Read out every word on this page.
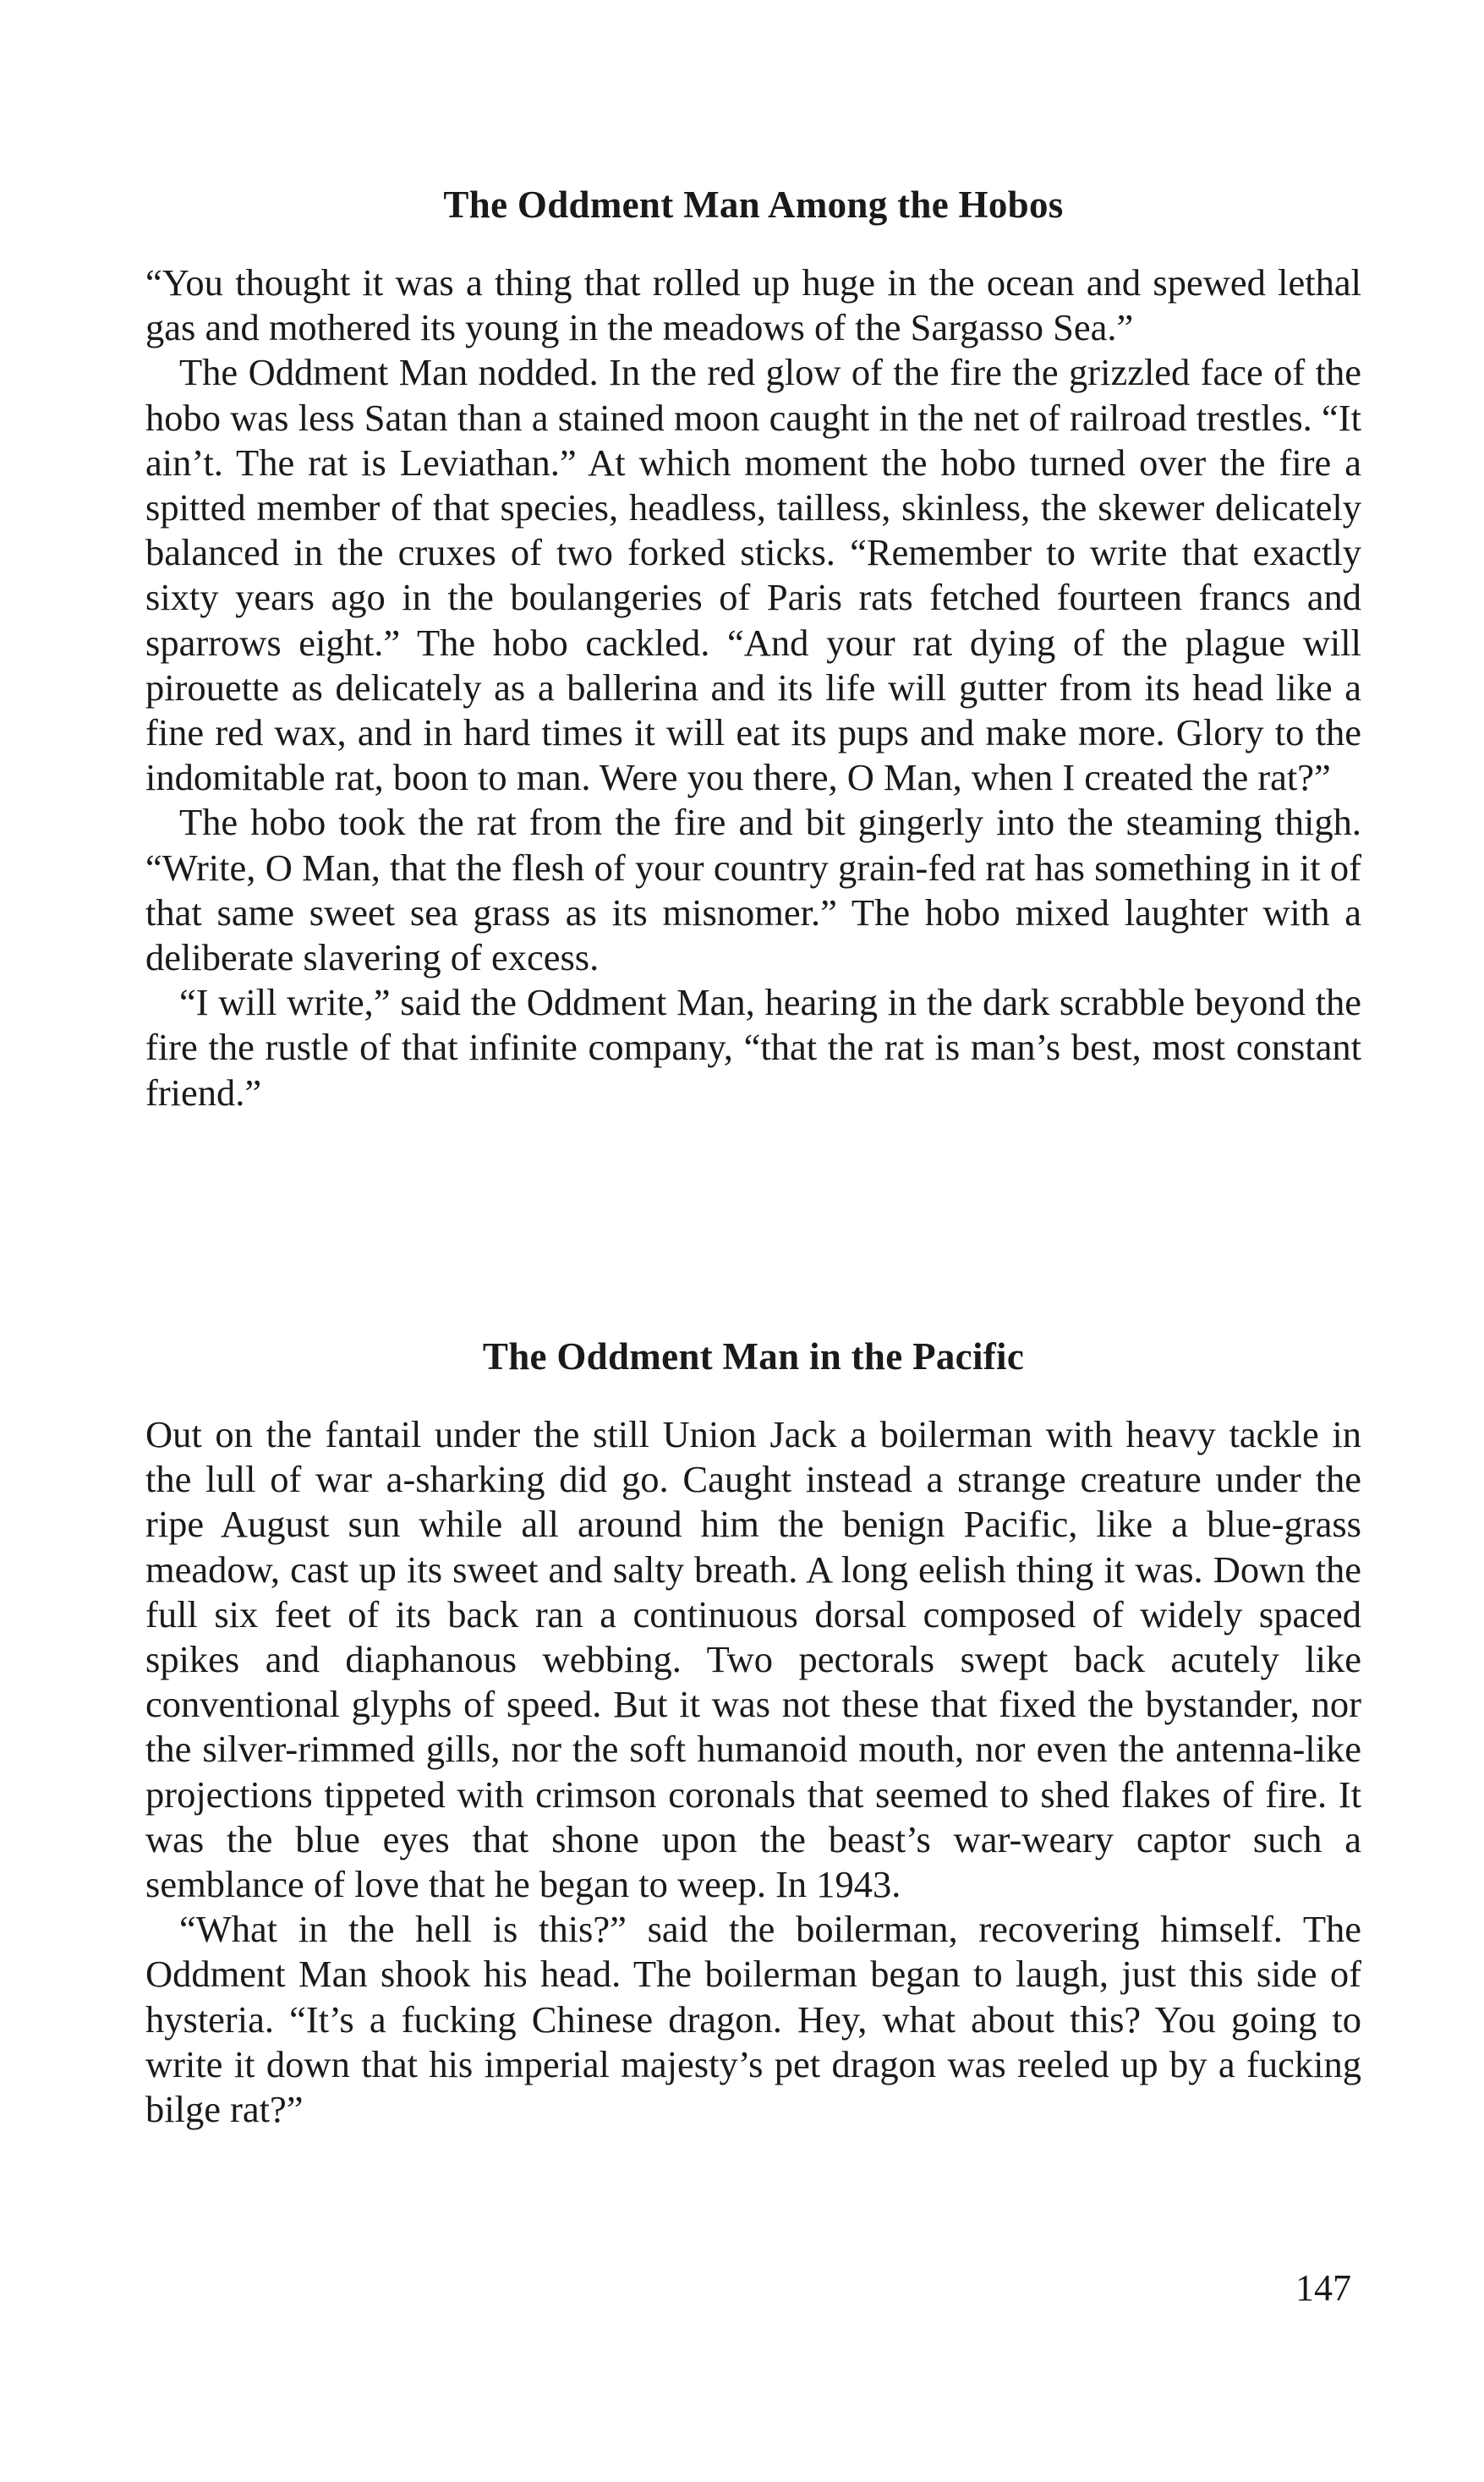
The Oddment Man Among the Hobos

“You thought it was a thing that rolled up huge in the ocean and spewed lethal gas and mothered its young in the meadows of the Sargasso Sea.”

The Oddment Man nodded. In the red glow of the fire the grizzled face of the hobo was less Satan than a stained moon caught in the net of railroad trestles. “It ain’t. The rat is Leviathan.” At which moment the hobo turned over the fire a spitted member of that species, headless, tailless, skinless, the skewer delicately balanced in the cruxes of two forked sticks. “Remember to write that exactly sixty years ago in the boulangeries of Paris rats fetched fourteen francs and sparrows eight.” The hobo cackled. “And your rat dying of the plague will pirouette as delicately as a ballerina and its life will gutter from its head like a fine red wax, and in hard times it will eat its pups and make more. Glory to the indomitable rat, boon to man. Were you there, O Man, when I created the rat?”

The hobo took the rat from the fire and bit gingerly into the steaming thigh. “Write, O Man, that the flesh of your country grain-fed rat has something in it of that same sweet sea grass as its misnomer.” The hobo mixed laughter with a deliberate slavering of excess.

“I will write,” said the Oddment Man, hearing in the dark scrabble beyond the fire the rustle of that infinite company, “that the rat is man’s best, most constant friend.”

The Oddment Man in the Pacific

Out on the fantail under the still Union Jack a boilerman with heavy tackle in the lull of war a-sharking did go. Caught instead a strange creature under the ripe August sun while all around him the benign Pacific, like a blue-grass meadow, cast up its sweet and salty breath. A long eelish thing it was. Down the full six feet of its back ran a continuous dorsal composed of widely spaced spikes and diaphanous webbing. Two pectorals swept back acutely like conventional glyphs of speed. But it was not these that fixed the bystander, nor the silver-rimmed gills, nor the soft humanoid mouth, nor even the antenna-like projections tippeted with crimson coronals that seemed to shed flakes of fire. It was the blue eyes that shone upon the beast’s war-weary captor such a semblance of love that he began to weep. In 1943.

“What in the hell is this?” said the boilerman, recovering himself. The Oddment Man shook his head. The boilerman began to laugh, just this side of hysteria. “It’s a fucking Chinese dragon. Hey, what about this? You going to write it down that his imperial majesty’s pet dragon was reeled up by a fucking bilge rat?”

147
